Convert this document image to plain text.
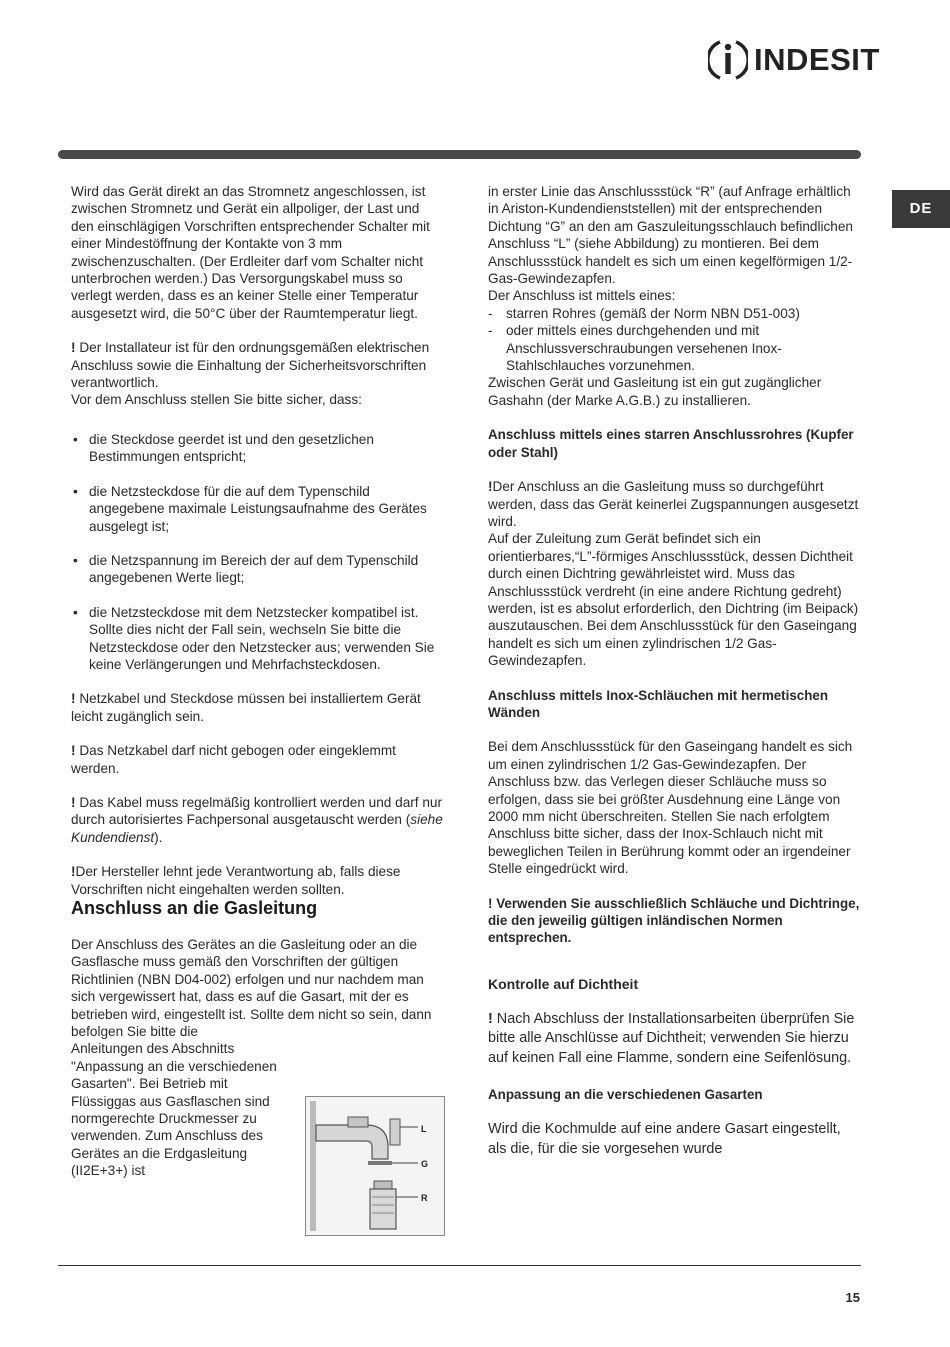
INDESIT
DE

Wird das Gerät direkt an das Stromnetz angeschlossen, ist zwischen Stromnetz und Gerät ein allpoliger, der Last und den einschlägigen Vorschriften entsprechender Schalter mit einer Mindestöffnung der Kontakte von 3 mm zwischenzuschalten. (Der Erdleiter darf vom Schalter nicht unterbrochen werden.) Das Versorgungskabel muss so verlegt werden, dass es an keiner Stelle einer Temperatur ausgesetzt wird, die 50°C über der Raumtemperatur liegt.

! Der Installateur ist für den ordnungsgemäßen elektrischen Anschluss sowie die Einhaltung der Sicherheitsvorschriften verantwortlich.

Vor dem Anschluss stellen Sie bitte sicher, dass:

• die Steckdose geerdet ist und den gesetzlichen Bestimmungen entspricht;
• die Netzsteckdose für die auf dem Typenschild angegebene maximale Leistungsaufnahme des Gerätes ausgelegt ist;
• die Netzspannung im Bereich der auf dem Typenschild angegebenen Werte liegt;
• die Netzsteckdose mit dem Netzstecker kompatibel ist. Sollte dies nicht der Fall sein, wechseln Sie bitte die Netzsteckdose oder den Netzstecker aus; verwenden Sie keine Verlängerungen und Mehrfachsteckdosen.

! Netzkabel und Steckdose müssen bei installiertem Gerät leicht zugänglich sein.

! Das Netzkabel darf nicht gebogen oder eingeklemmt werden.

! Das Kabel muss regelmäßig kontrolliert werden und darf nur durch autorisiertes Fachpersonal ausgetauscht werden (siehe Kundendienst).

!Der Hersteller lehnt jede Verantwortung ab, falls diese Vorschriften nicht eingehalten werden sollten.

Anschluss an die Gasleitung

Der Anschluss des Gerätes an die Gasleitung oder an die Gasflasche muss gemäß den Vorschriften der gültigen Richtlinien (NBN D04-002) erfolgen und nur nachdem man sich vergewissert hat, dass es auf die Gasart, mit der es betrieben wird, eingestellt ist. Sollte dem nicht so sein, dann befolgen Sie bitte die

Anleitungen des Abschnitts "Anpassung an die verschiedenen Gasarten". Bei Betrieb mit Flüssiggas aus Gasflaschen sind normgerechte Druckmesser zu verwenden. Zum Anschluss des Gerätes an die Erdgasleitung (II2E+3+) ist

L
G
R

in erster Linie das Anschlussstück “R” (auf Anfrage erhältlich in Ariston-Kundendienststellen) mit der entsprechenden Dichtung “G” an den am Gaszuleitungsschlauch befindlichen Anschluss “L” (siehe Abbildung) zu montieren. Bei dem Anschlussstück handelt es sich um einen kegelförmigen 1/2-Gas-Gewindezapfen.

Der Anschluss ist mittels eines:

- starren Rohres (gemäß der Norm NBN D51-003)
- oder mittels eines durchgehenden und mit Anschlussverschraubungen versehenen Inox-Stahlschlauches vorzunehmen.

Zwischen Gerät und Gasleitung ist ein gut zugänglicher Gashahn (der Marke A.G.B.) zu installieren.

Anschluss mittels eines starren Anschlussrohres (Kupfer oder Stahl)

!Der Anschluss an die Gasleitung muss so durchgeführt werden, dass das Gerät keinerlei Zugspannungen ausgesetzt wird.

Auf der Zuleitung zum Gerät befindet sich ein orientierbares,“L”-förmiges Anschlussstück, dessen Dichtheit durch einen Dichtring gewährleistet wird. Muss das Anschlussstück verdreht (in eine andere Richtung gedreht) werden, ist es absolut erforderlich, den Dichtring (im Beipack) auszutauschen. Bei dem Anschlussstück für den Gaseingang handelt es sich um einen zylindrischen 1/2 Gas-Gewindezapfen.

Anschluss mittels Inox-Schläuchen mit hermetischen Wänden

Bei dem Anschlussstück für den Gaseingang handelt es sich um einen zylindrischen 1/2 Gas-Gewindezapfen. Der Anschluss bzw. das Verlegen dieser Schläuche muss so erfolgen, dass sie bei größter Ausdehnung eine Länge von 2000 mm nicht überschreiten. Stellen Sie nach erfolgtem Anschluss bitte sicher, dass der Inox-Schlauch nicht mit beweglichen Teilen in Berührung kommt oder an irgendeiner Stelle eingedrückt wird.

! Verwenden Sie ausschließlich Schläuche und Dichtringe, die den jeweilig gültigen inländischen Normen entsprechen.

Kontrolle auf Dichtheit

! Nach Abschluss der Installationsarbeiten überprüfen Sie bitte alle Anschlüsse auf Dichtheit; verwenden Sie hierzu auf keinen Fall eine Flamme, sondern eine Seifenlösung.

Anpassung an die verschiedenen Gasarten

Wird die Kochmulde auf eine andere Gasart eingestellt, als die, für die sie vorgesehen wurde

15
